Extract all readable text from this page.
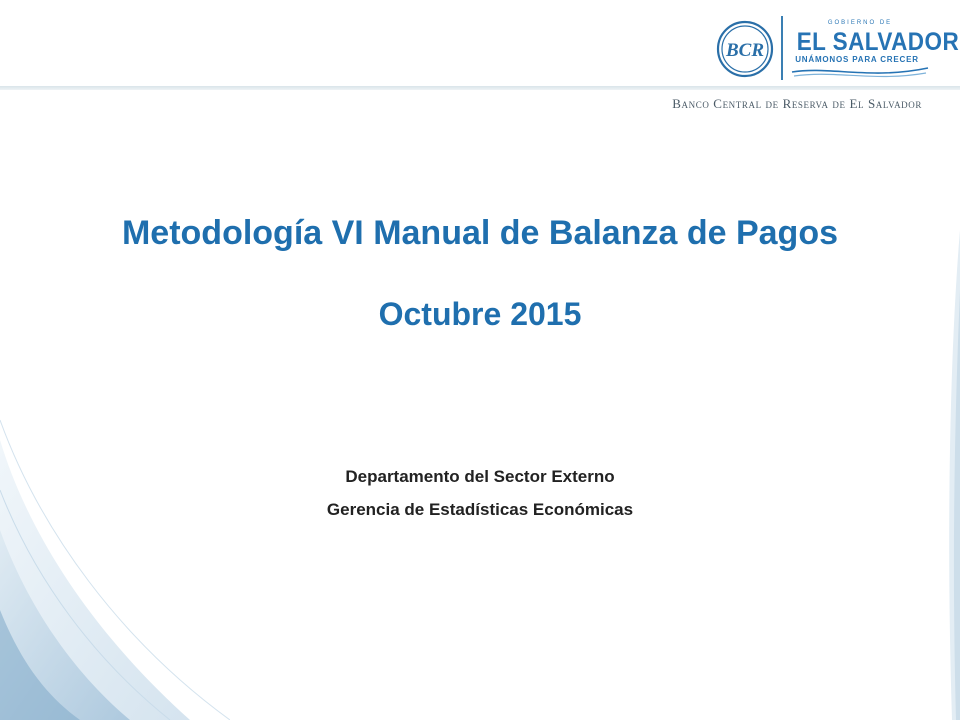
BCR
GOBIERNO DE
EL SALVADOR
UNÁMONOS PARA CRECER
Banco Central de Reserva de El Salvador
Metodología VI Manual de Balanza de Pagos
Octubre 2015
Departamento del Sector Externo
Gerencia de Estadísticas Económicas
